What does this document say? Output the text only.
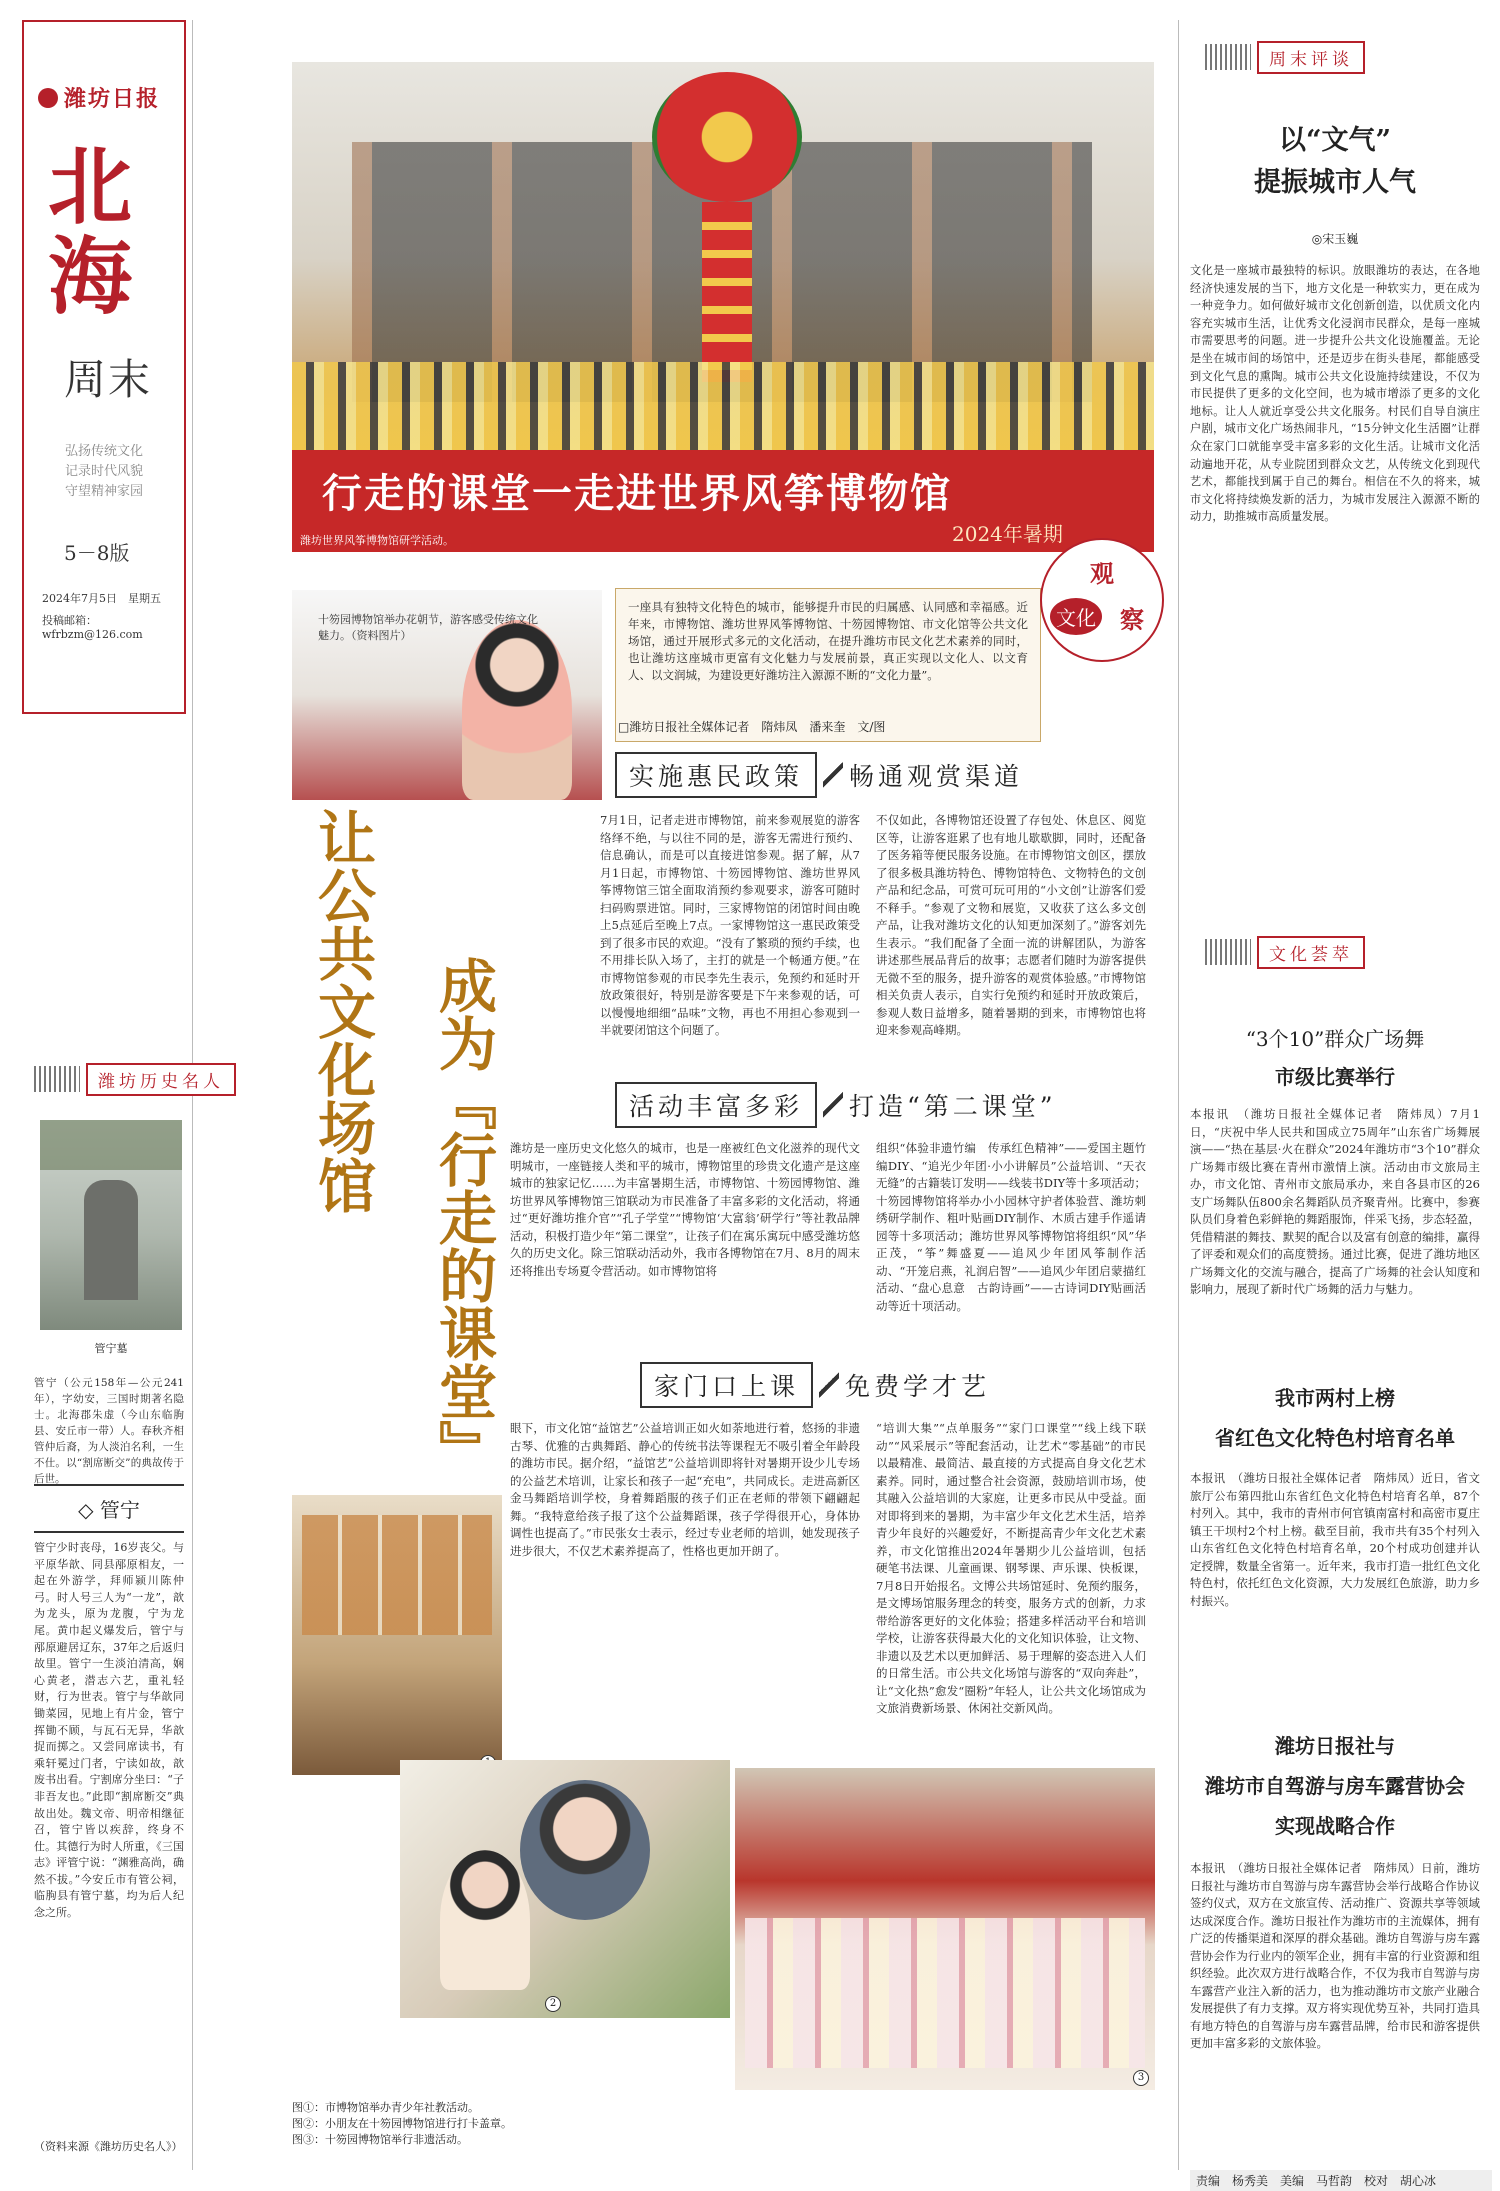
潍坊日报
北
海
周末
弘扬传统文化
记录时代风貌
守望精神家园
5－8版
2024年7月5日　星期五
投稿邮箱：wfrbzm@126.com
潍坊历史名人
管宁墓
管宁（公元158年—公元241年），字幼安，三国时期著名隐士。北海郡朱虚（今山东临朐县、安丘市一带）人。春秋齐相管仲后裔，为人淡泊名利，一生不仕。以“割席断交”的典故传于后世。
◇ 管宁
管宁少时丧母，16岁丧父。与平原华歆、同县邴原相友，一起在外游学，拜师颍川陈仲弓。时人号三人为“一龙”，歆为龙头，原为龙腹，宁为龙尾。黄巾起义爆发后，管宁与邴原避居辽东，37年之后返归故里。管宁一生淡泊清高，娴心黄老，潜志六艺，重礼轻财，行为世表。管宁与华歆同锄菜园，见地上有片金，管宁挥锄不顾，与瓦石无异，华歆捉而掷之。又尝同席读书，有乘轩冕过门者，宁读如故，歆废书出看。宁割席分坐曰：“子非吾友也。”此即“割席断交”典故出处。魏文帝、明帝相继征召，管宁皆以疾辞，终身不仕。其德行为时人所重，《三国志》评管宁说：“渊雅高尚，确然不拔。”今安丘市有管公祠，临朐县有管宁墓，均为后人纪念之所。
（资料来源《潍坊历史名人》）
行走的课堂一走进世界风筝博物馆
2024年暑期
潍坊世界风筝博物馆研学活动。
十笏园博物馆举办花朝节，游客感受传统文化魅力。（资料图片）
让公共文化场馆 成为『行走的课堂』
一座具有独特文化特色的城市，能够提升市民的归属感、认同感和幸福感。近年来，市博物馆、潍坊世界风筝博物馆、十笏园博物馆、市文化馆等公共文化场馆，通过开展形式多元的文化活动，在提升潍坊市民文化艺术素养的同时，也让潍坊这座城市更富有文化魅力与发展前景，真正实现以文化人、以文育人、以文润城，为建设更好潍坊注入源源不断的“文化力量”。
观
文化 察
□潍坊日报社全媒体记者　隋炜凤　潘来奎　文/图
实施惠民政策	畅通观赏渠道
7月1日，记者走进市博物馆，前来参观展览的游客络绎不绝，与以往不同的是，游客无需进行预约、信息确认，而是可以直接进馆参观。据了解，从7月1日起，市博物馆、十笏园博物馆、潍坊世界风筝博物馆三馆全面取消预约参观要求，游客可随时扫码购票进馆。同时，三家博物馆的闭馆时间由晚上5点延后至晚上7点。一家博物馆这一惠民政策受到了很多市民的欢迎。“没有了繁琐的预约手续，也不用排长队入场了，主打的就是一个畅通方便。”在市博物馆参观的市民李先生表示，免预约和延时开放政策很好，特别是游客要是下午来参观的话，可以慢慢地细细“品味”文物，再也不用担心参观到一半就要闭馆这个问题了。
不仅如此，各博物馆还设置了存包处、休息区、阅览区等，让游客逛累了也有地儿歇歇脚，同时，还配备了医务箱等便民服务设施。在市博物馆文创区，摆放了很多极具潍坊特色、博物馆特色、文物特色的文创产品和纪念品，可赏可玩可用的“小文创”让游客们爱不释手。“参观了文物和展览，又收获了这么多文创产品，让我对潍坊文化的认知更加深刻了。”游客刘先生表示。“我们配备了全面一流的讲解团队，为游客讲述那些展品背后的故事；志愿者们随时为游客提供无微不至的服务，提升游客的观赏体验感。”市博物馆相关负责人表示，自实行免预约和延时开放政策后，参观人数日益增多，随着暑期的到来，市博物馆也将迎来参观高峰期。
活动丰富多彩	打造“第二课堂”
潍坊是一座历史文化悠久的城市，也是一座被红色文化滋养的现代文明城市，一座链接人类和平的城市，博物馆里的珍贵文化遗产是这座城市的独家记忆……为丰富暑期生活，市博物馆、十笏园博物馆、潍坊世界风筝博物馆三馆联动为市民准备了丰富多彩的文化活动，将通过“更好潍坊推介官”“孔子学堂”“博物馆‘大富翁’研学行”等社教品牌活动，积极打造少年“第二课堂”，让孩子们在寓乐寓玩中感受潍坊悠久的历史文化。除三馆联动活动外，我市各博物馆在7月、8月的周末还将推出专场夏令营活动。如市博物馆将
组织“体验非遗竹编　传承红色精神”——爱国主题竹编DIY、“追光少年团·小小讲解员”公益培训、“天衣无缝”的古籍装订发明——线装书DIY等十多项活动；十笏园博物馆将举办小小园林守护者体验营、潍坊刺绣研学制作、粗叶贴画DIY制作、木质古建手作遥请园等十多项活动；潍坊世界风筝博物馆将组织“风”华正茂，“筝”舞盛夏——追风少年团风筝制作活动、“开笼启燕，礼润启智”——追风少年团启蒙描红活动、“盘心息意　古韵诗画”——古诗词DIY贴画活动等近十项活动。
家门口上课	免费学才艺
眼下，市文化馆“益馆艺”公益培训正如火如荼地进行着，悠扬的非遗古琴、优雅的古典舞蹈、静心的传统书法等课程无不吸引着全年龄段的潍坊市民。据介绍，“益馆艺”公益培训即将针对暑期开设少儿专场的公益艺术培训，让家长和孩子一起“充电”，共同成长。走进高新区金马舞蹈培训学校，身着舞蹈服的孩子们正在老师的带领下翩翩起舞。“我特意给孩子报了这个公益舞蹈课，孩子学得很开心，身体协调性也提高了。”市民张女士表示，经过专业老师的培训，她发现孩子进步很大，不仅艺术素养提高了，性格也更加开朗了。
“培训大集”“点单服务”“家门口课堂”“线上线下联动”“风采展示”等配套活动，让艺术“零基础”的市民以最精准、最简洁、最直接的方式提高自身文化艺术素养。同时，通过整合社会资源，鼓励培训市场，使其融入公益培训的大家庭，让更多市民从中受益。面对即将到来的暑期，为丰富少年文化艺术生活，培养青少年良好的兴趣爱好，不断提高青少年文化艺术素养，市文化馆推出2024年暑期少儿公益培训，包括硬笔书法课、儿童画课、钢琴课、声乐课、快板课，7月8日开始报名。文博公共场馆延时、免预约服务，是文博场馆服务理念的转变，服务方式的创新，力求带给游客更好的文化体验；搭建多样活动平台和培训学校，让游客获得最大化的文化知识体验，让文物、非遗以及艺术以更加鲜活、易于理解的姿态进入人们的日常生活。市公共文化场馆与游客的“双向奔赴”，让“文化热”愈发“圈粉”年轻人，让公共文化场馆成为文旅消费新场景、休闲社交新风尚。
2
3
图①：市博物馆举办青少年社教活动。
图②：小朋友在十笏园博物馆进行打卡盖章。
图③：十笏园博物馆举行非遗活动。
周末评谈
以“文气”
提振城市人气
◎宋玉巍
文化是一座城市最独特的标识。放眼潍坊的表达，在各地经济快速发展的当下，地方文化是一种软实力，更在成为一种竞争力。如何做好城市文化创新创造，以优质文化内容充实城市生活，让优秀文化浸润市民群众，是每一座城市需要思考的问题。进一步提升公共文化设施覆盖。无论是坐在城市间的场馆中，还是迈步在街头巷尾，都能感受到文化气息的熏陶。城市公共文化设施持续建设，不仅为市民提供了更多的文化空间，也为城市增添了更多的文化地标。让人人就近享受公共文化服务。村民们自导自演庄户剧，城市文化广场热闹非凡，“15分钟文化生活圈”让群众在家门口就能享受丰富多彩的文化生活。让城市文化活动遍地开花，从专业院团到群众文艺，从传统文化到现代艺术，都能找到属于自己的舞台。相信在不久的将来，城市文化将持续焕发新的活力，为城市发展注入源源不断的动力，助推城市高质量发展。
文化荟萃
“3个10”群众广场舞
市级比赛举行
本报讯　（潍坊日报社全媒体记者　隋炜凤）7月1日，“庆祝中华人民共和国成立75周年”山东省广场舞展演——“热在基层·火在群众”2024年潍坊市“3个10”群众广场舞市级比赛在青州市激情上演。活动由市文旅局主办，市文化馆、青州市文旅局承办，来自各县市区的26支广场舞队伍800余名舞蹈队员齐聚青州。比赛中，参赛队员们身着色彩鲜艳的舞蹈服饰，伴采飞扬，步态轻盈，凭借精湛的舞技、默契的配合以及富有创意的编排，赢得了评委和观众们的高度赞扬。通过比赛，促进了潍坊地区广场舞文化的交流与融合，提高了广场舞的社会认知度和影响力，展现了新时代广场舞的活力与魅力。
我市两村上榜
省红色文化特色村培育名单
本报讯　（潍坊日报社全媒体记者　隋炜凤）近日，省文旅厅公布第四批山东省红色文化特色村培育名单，87个村列入。其中，我市的青州市何官镇南富村和高密市夏庄镇王干坝村2个村上榜。截至目前，我市共有35个村列入山东省红色文化特色村培育名单，20个村成功创建并认定授牌，数量全省第一。近年来，我市打造一批红色文化特色村，依托红色文化资源，大力发展红色旅游，助力乡村振兴。
潍坊日报社与
潍坊市自驾游与房车露营协会
实现战略合作
本报讯　（潍坊日报社全媒体记者　隋炜凤）日前，潍坊日报社与潍坊市自驾游与房车露营协会举行战略合作协议签约仪式，双方在文旅宣传、活动推广、资源共享等领域达成深度合作。潍坊日报社作为潍坊市的主流媒体，拥有广泛的传播渠道和深厚的群众基础。潍坊自驾游与房车露营协会作为行业内的领军企业，拥有丰富的行业资源和组织经验。此次双方进行战略合作，不仅为我市自驾游与房车露营产业注入新的活力，也为推动潍坊市文旅产业融合发展提供了有力支撑。双方将实现优势互补，共同打造具有地方特色的自驾游与房车露营品牌，给市民和游客提供更加丰富多彩的文旅体验。
责编　杨秀美　美编　马哲韵　校对　胡心冰
